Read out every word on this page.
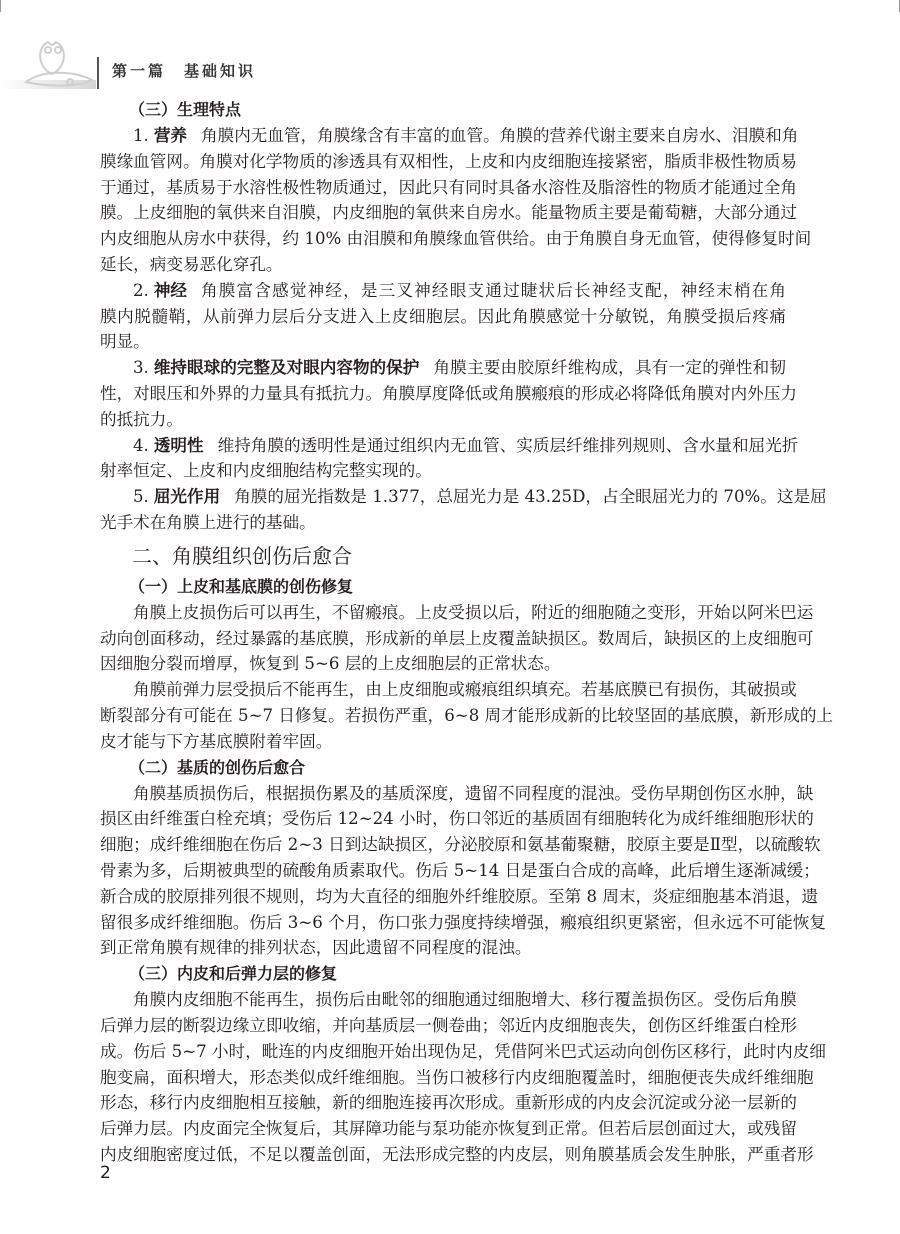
第一篇　基础知识
（三）生理特点
1. 营养 角膜内无血管，角膜缘含有丰富的血管。角膜的营养代谢主要来自房水、泪膜和角
膜缘血管网。角膜对化学物质的渗透具有双相性，上皮和内皮细胞连接紧密，脂质非极性物质易
于通过，基质易于水溶性极性物质通过，因此只有同时具备水溶性及脂溶性的物质才能通过全角
膜。上皮细胞的氧供来自泪膜，内皮细胞的氧供来自房水。能量物质主要是葡萄糖，大部分通过
内皮细胞从房水中获得，约 10% 由泪膜和角膜缘血管供给。由于角膜自身无血管，使得修复时间
延长，病变易恶化穿孔。
2. 神经 角膜富含感觉神经，是三叉神经眼支通过睫状后长神经支配，神经末梢在角
膜内脱髓鞘，从前弹力层后分支进入上皮细胞层。因此角膜感觉十分敏锐，角膜受损后疼痛
明显。
3. 维持眼球的完整及对眼内容物的保护 角膜主要由胶原纤维构成，具有一定的弹性和韧
性，对眼压和外界的力量具有抵抗力。角膜厚度降低或角膜瘢痕的形成必将降低角膜对内外压力
的抵抗力。
4. 透明性 维持角膜的透明性是通过组织内无血管、实质层纤维排列规则、含水量和屈光折
射率恒定、上皮和内皮细胞结构完整实现的。
5. 屈光作用 角膜的屈光指数是 1.377，总屈光力是 43.25D，占全眼屈光力的 70%。这是屈
光手术在角膜上进行的基础。
二、角膜组织创伤后愈合
（一）上皮和基底膜的创伤修复
角膜上皮损伤后可以再生，不留瘢痕。上皮受损以后，附近的细胞随之变形，开始以阿米巴运
动向创面移动，经过暴露的基底膜，形成新的单层上皮覆盖缺损区。数周后，缺损区的上皮细胞可
因细胞分裂而增厚，恢复到 5~6 层的上皮细胞层的正常状态。
角膜前弹力层受损后不能再生，由上皮细胞或瘢痕组织填充。若基底膜已有损伤，其破损或
断裂部分有可能在 5~7 日修复。若损伤严重，6~8 周才能形成新的比较坚固的基底膜，新形成的上
皮才能与下方基底膜附着牢固。
（二）基质的创伤后愈合
角膜基质损伤后，根据损伤累及的基质深度，遗留不同程度的混浊。受伤早期创伤区水肿，缺
损区由纤维蛋白栓充填；受伤后 12~24 小时，伤口邻近的基质固有细胞转化为成纤维细胞形状的
细胞；成纤维细胞在伤后 2~3 日到达缺损区，分泌胶原和氨基葡聚糖，胶原主要是Ⅱ型，以硫酸软
骨素为多，后期被典型的硫酸角质素取代。伤后 5~14 日是蛋白合成的高峰，此后增生逐渐减缓；
新合成的胶原排列很不规则，均为大直径的细胞外纤维胶原。至第 8 周末，炎症细胞基本消退，遗
留很多成纤维细胞。伤后 3~6 个月，伤口张力强度持续增强，瘢痕组织更紧密，但永远不可能恢复
到正常角膜有规律的排列状态，因此遗留不同程度的混浊。
（三）内皮和后弹力层的修复
角膜内皮细胞不能再生，损伤后由毗邻的细胞通过细胞增大、移行覆盖损伤区。受伤后角膜
后弹力层的断裂边缘立即收缩，并向基质层一侧卷曲；邻近内皮细胞丧失，创伤区纤维蛋白栓形
成。伤后 5~7 小时，毗连的内皮细胞开始出现伪足，凭借阿米巴式运动向创伤区移行，此时内皮细
胞变扁，面积增大，形态类似成纤维细胞。当伤口被移行内皮细胞覆盖时，细胞便丧失成纤维细胞
形态，移行内皮细胞相互接触，新的细胞连接再次形成。重新形成的内皮会沉淀或分泌一层新的
后弹力层。内皮面完全恢复后，其屏障功能与泵功能亦恢复到正常。但若后层创面过大，或残留
内皮细胞密度过低，不足以覆盖创面，无法形成完整的内皮层，则角膜基质会发生肿胀，严重者形
2
